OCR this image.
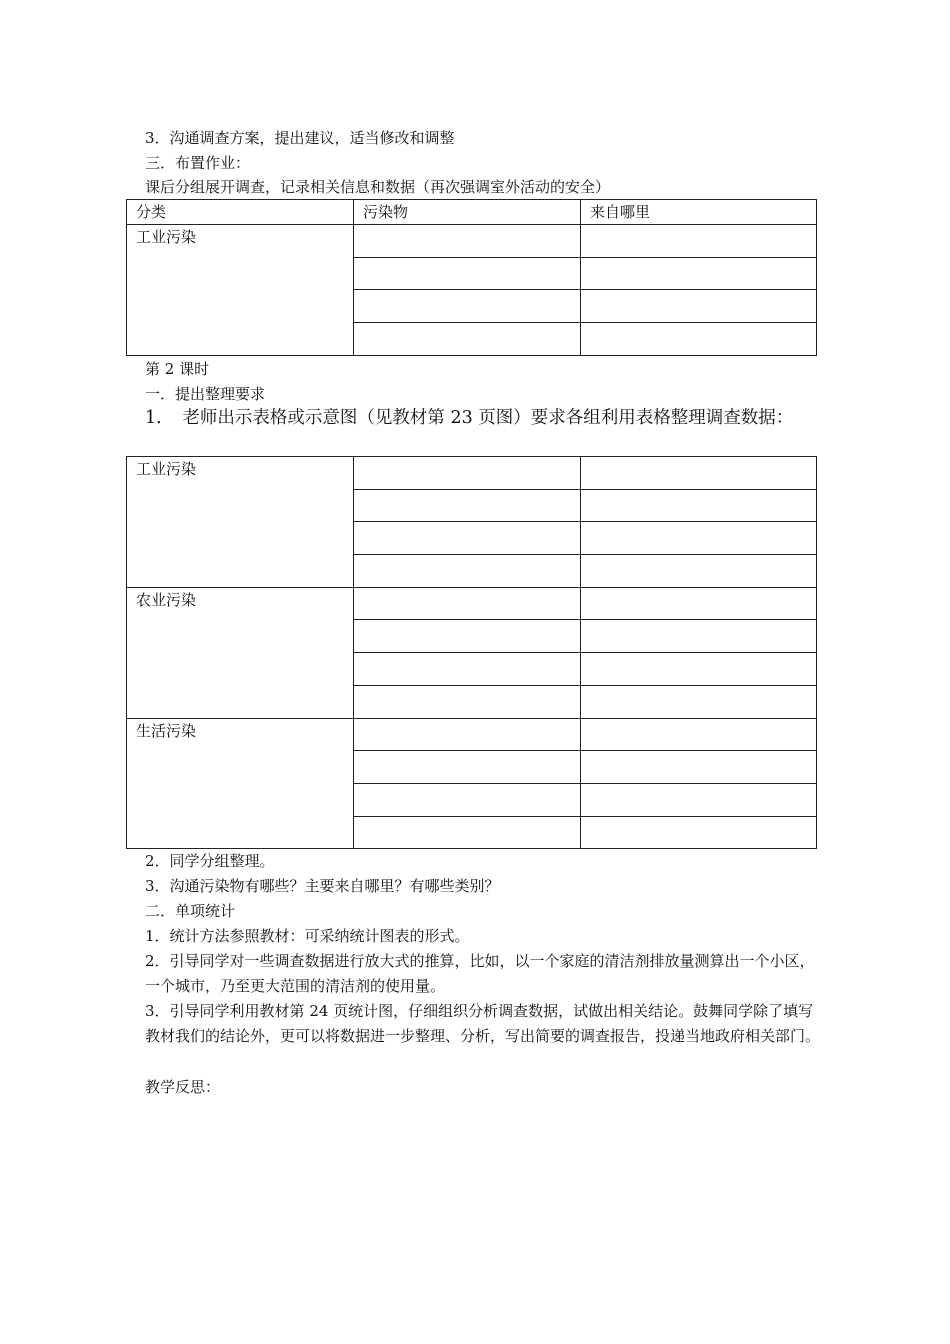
3．沟通调查方案，提出建议，适当修改和调整
三．布置作业：
课后分组展开调查，记录相关信息和数据（再次强调室外活动的安全）
分类	污染物	来自哪里
工业污染		

第 2 课时
一．提出整理要求
1．　老师出示表格或示意图（见教材第 23 页图）要求各组利用表格整理调查数据：
工业污染		

农业污染		

生活污染		

2．同学分组整理。
3．沟通污染物有哪些？主要来自哪里？有哪些类别？
二．单项统计
1．统计方法参照教材：可采纳统计图表的形式。
2．引导同学对一些调查数据进行放大式的推算，比如，以一个家庭的清洁剂排放量测算出一个小区，一个城市，乃至更大范围的清洁剂的使用量。
3．引导同学利用教材第 24 页统计图，仔细组织分析调查数据，试做出相关结论。鼓舞同学除了填写教材我们的结论外，更可以将数据进一步整理、分析，写出简要的调查报告，投递当地政府相关部门。
教学反思：
